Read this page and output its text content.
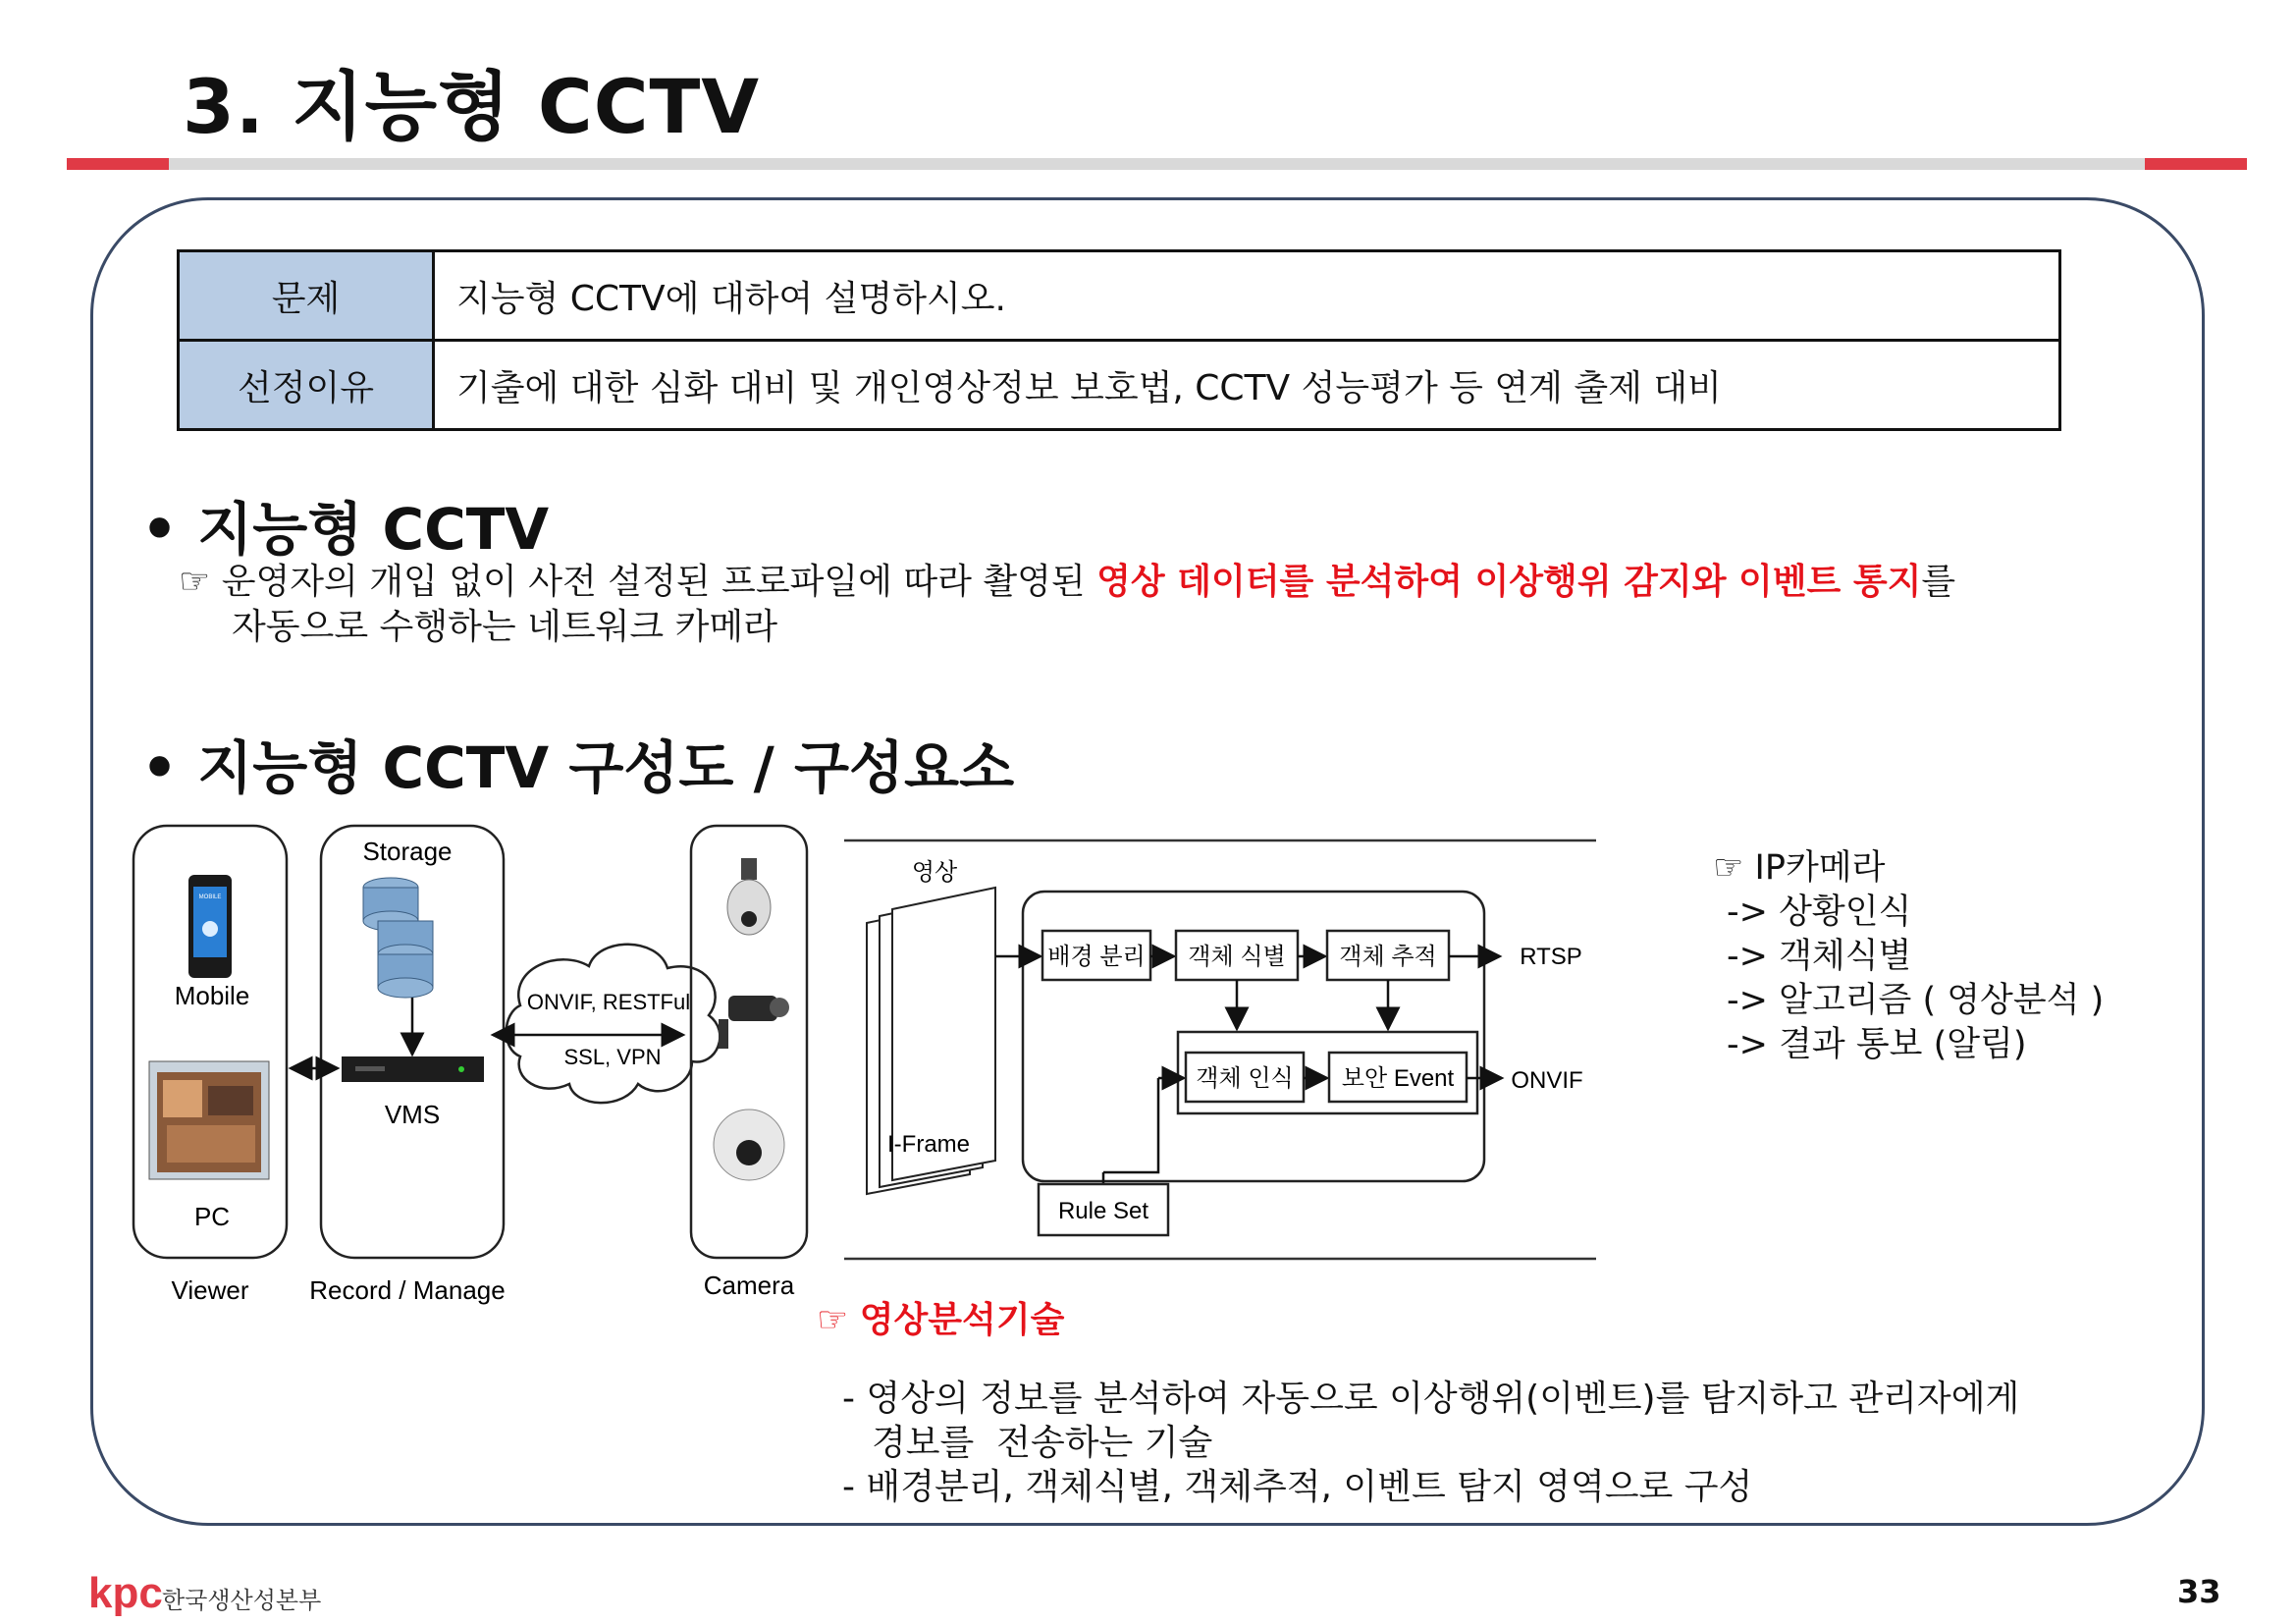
3. 지능형 CCTV
문제	지능형 CCTV에 대하여 설명하시오.
선정이유	기출에 대한 심화 대비 및 개인영상정보 보호법, CCTV 성능평가 등 연계 출제 대비
• 지능형 CCTV
☞ 운영자의 개입 없이 사전 설정된 프로파일에 따라 촬영된 영상 데이터를 분석하여 이상행위 감지와 이벤트 통지를
자동으로 수행하는 네트워크 카메라
• 지능형 CCTV 구성도 / 구성요소
MOBILE
Mobile
PC
Viewer
Storage
VMS
Record / Manage
ONVIF, RESTFul
SSL, VPN
Camera
영상
I-Frame
배경 분리 객체 식별 객체 추적	RTSP
객체 인식 보안 Event ONVIF
Rule Set
☞ IP카메라
-> 상황인식
-> 객체식별
-> 알고리즘 ( 영상분석 )
-> 결과 통보 (알림)
☞ 영상분석기술
- 영상의 정보를 분석하여 자동으로 이상행위(이벤트)를 탐지하고 관리자에게
경보를  전송하는 기술
- 배경분리, 객체식별, 객체추적, 이벤트 탐지 영역으로 구성
kpc 한국생산성본부	33
